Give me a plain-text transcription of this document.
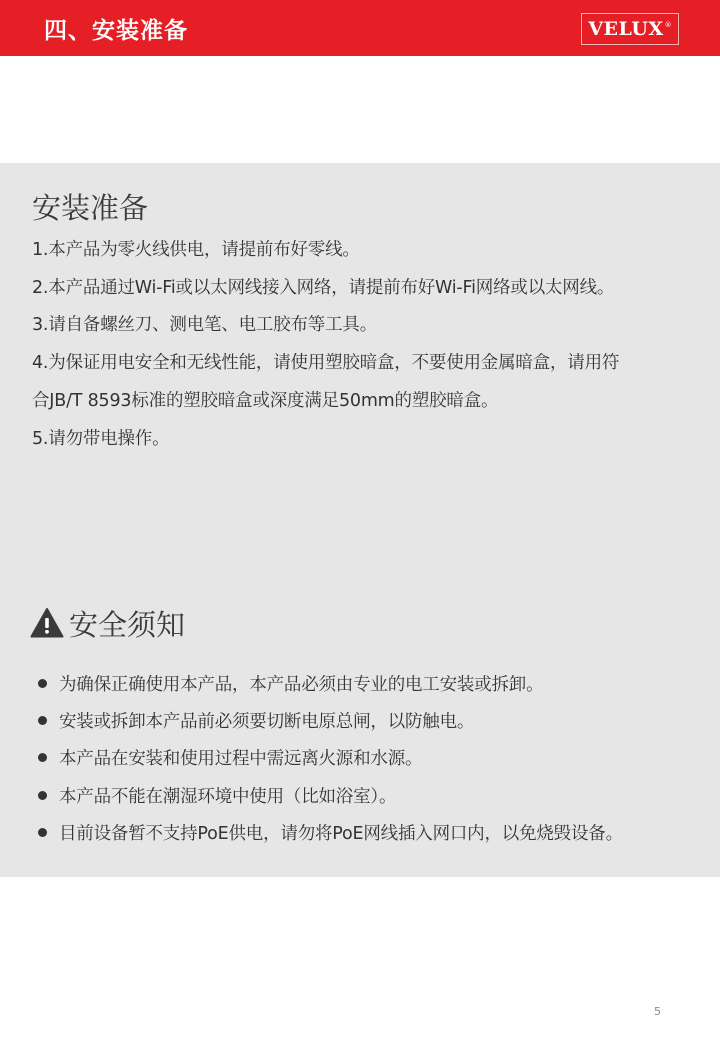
四、安装准备	VELUX ®
安装准备
1.本产品为零火线供电，请提前布好零线。
2.本产品通过Wi-Fi或以太网线接入网络，请提前布好Wi-Fi网络或以太网线。
3.请自备螺丝刀、测电笔、电工胶布等工具。
4.为保证用电安全和无线性能，请使用塑胶暗盒，不要使用金属暗盒，请用符
合JB/T 8593标准的塑胶暗盒或深度满足50mm的塑胶暗盒。
5.请勿带电操作。
安全须知
为确保正确使用本产品，本产品必须由专业的电工安装或拆卸。
安装或拆卸本产品前必须要切断电原总闸，以防触电。
本产品在安装和使用过程中需远离火源和水源。
本产品不能在潮湿环境中使用（比如浴室）。
目前设备暂不支持PoE供电，请勿将PoE网线插入网口内，以免烧毁设备。
5
